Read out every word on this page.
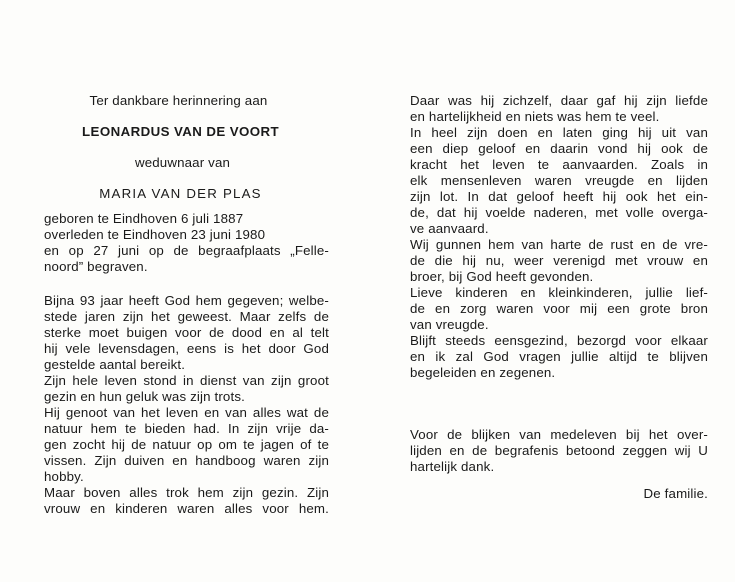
Ter dankbare herinnering aan
LEONARDUS VAN DE VOORT
weduwnaar van
MARIA VAN DER PLAS
geboren te Eindhoven 6 juli 1887
overleden te Eindhoven 23 juni 1980
en op 27 juni op de begraafplaats „Felle-
noord” begraven.
Bijna 93 jaar heeft God hem gegeven; welbe-
stede jaren zijn het geweest. Maar zelfs de
sterke moet buigen voor de dood en al telt
hij vele levensdagen, eens is het door God
gestelde aantal bereikt.
Zijn hele leven stond in dienst van zijn groot
gezin en hun geluk was zijn trots.
Hij genoot van het leven en van alles wat de
natuur hem te bieden had. In zijn vrije da-
gen zocht hij de natuur op om te jagen of te
vissen. Zijn duiven en handboog waren zijn
hobby.
Maar boven alles trok hem zijn gezin. Zijn
vrouw en kinderen waren alles voor hem.
Daar was hij zichzelf, daar gaf hij zijn liefde
en hartelijkheid en niets was hem te veel.
In heel zijn doen en laten ging hij uit van
een diep geloof en daarin vond hij ook de
kracht het leven te aanvaarden. Zoals in
elk mensenleven waren vreugde en lijden
zijn lot. In dat geloof heeft hij ook het ein-
de, dat hij voelde naderen, met volle overga-
ve aanvaard.
Wij gunnen hem van harte de rust en de vre-
de die hij nu, weer verenigd met vrouw en
broer, bij God heeft gevonden.
Lieve kinderen en kleinkinderen, jullie lief-
de en zorg waren voor mij een grote bron
van vreugde.
Blijft steeds eensgezind, bezorgd voor elkaar
en ik zal God vragen jullie altijd te blijven
begeleiden en zegenen.
Voor de blijken van medeleven bij het over-
lijden en de begrafenis betoond zeggen wij U
hartelijk dank.
De familie.
